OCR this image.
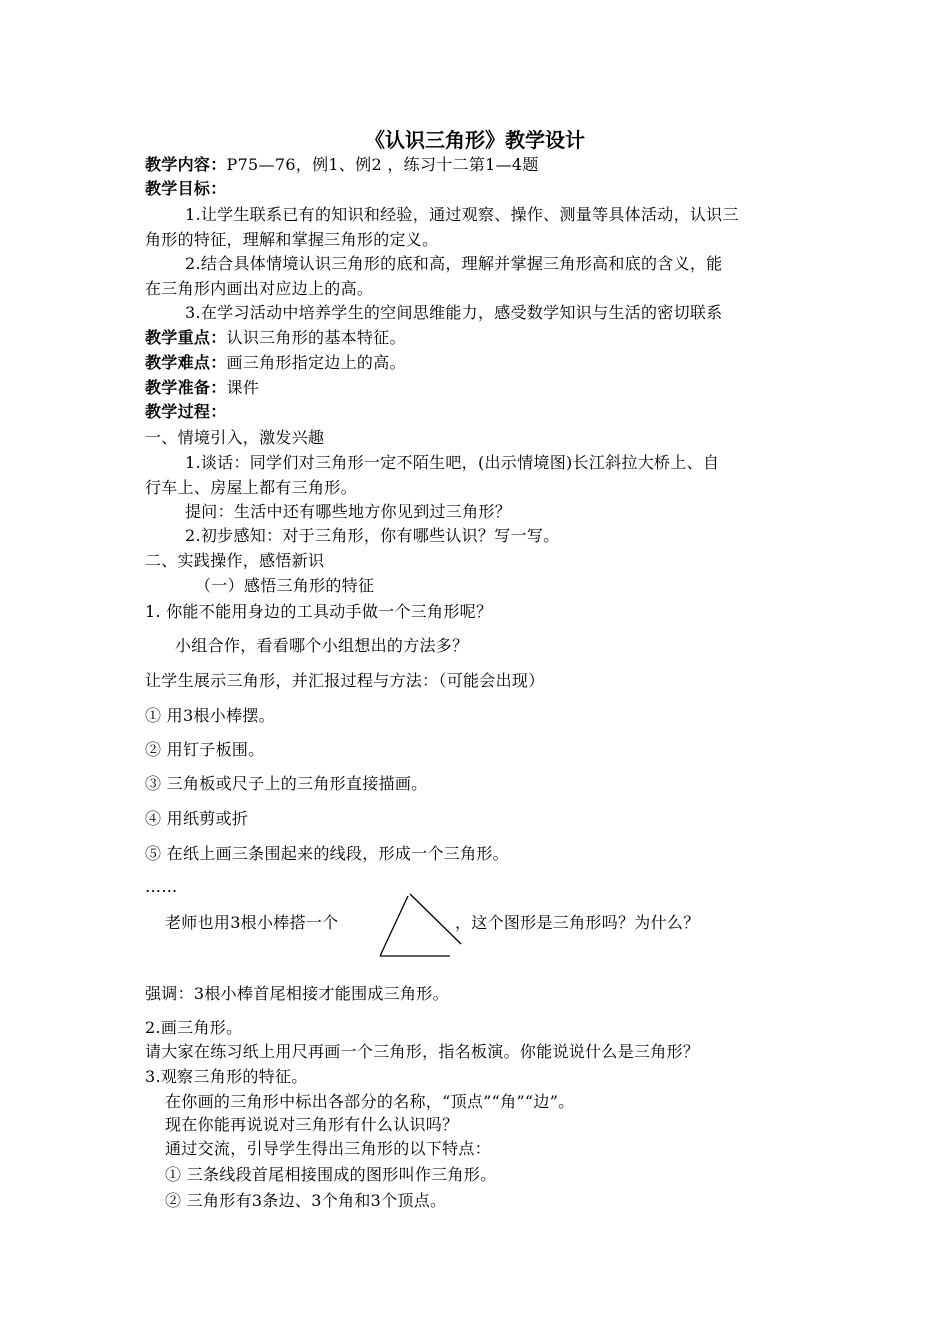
《认识三角形》教学设计
教学内容：P75—76，例1、例2 ，练习十二第1—4题
教学目标：
1.让学生联系已有的知识和经验，通过观察、操作、测量等具体活动，认识三
角形的特征，理解和掌握三角形的定义。
2.结合具体情境认识三角形的底和高，理解并掌握三角形高和底的含义，能
在三角形内画出对应边上的高。
3.在学习活动中培养学生的空间思维能力，感受数学知识与生活的密切联系
教学重点：认识三角形的基本特征。
教学难点：画三角形指定边上的高。
教学准备：课件
教学过程：
一、情境引入，激发兴趣
1.谈话：同学们对三角形一定不陌生吧，(出示情境图)长江斜拉大桥上、自
行车上、房屋上都有三角形。
提问：生活中还有哪些地方你见到过三角形？
2.初步感知：对于三角形，你有哪些认识？写一写。
二、实践操作，感悟新识
（一）感悟三角形的特征
1. 你能不能用身边的工具动手做一个三角形呢？
小组合作，看看哪个小组想出的方法多？
让学生展示三角形，并汇报过程与方法：（可能会出现）
① 用3根小棒摆。
② 用钉子板围。
③ 三角板或尺子上的三角形直接描画。
④ 用纸剪或折
⑤ 在纸上画三条围起来的线段，形成一个三角形。
……
老师也用3根小棒搭一个	，这个图形是三角形吗？为什么？
强调：3根小棒首尾相接才能围成三角形。
2.画三角形。
请大家在练习纸上用尺再画一个三角形，指名板演。你能说说什么是三角形？
3.观察三角形的特征。
在你画的三角形中标出各部分的名称，“顶点”“角”“边”。
现在你能再说说对三角形有什么认识吗？
通过交流，引导学生得出三角形的以下特点：
① 三条线段首尾相接围成的图形叫作三角形。
② 三角形有3条边、3个角和3个顶点。
